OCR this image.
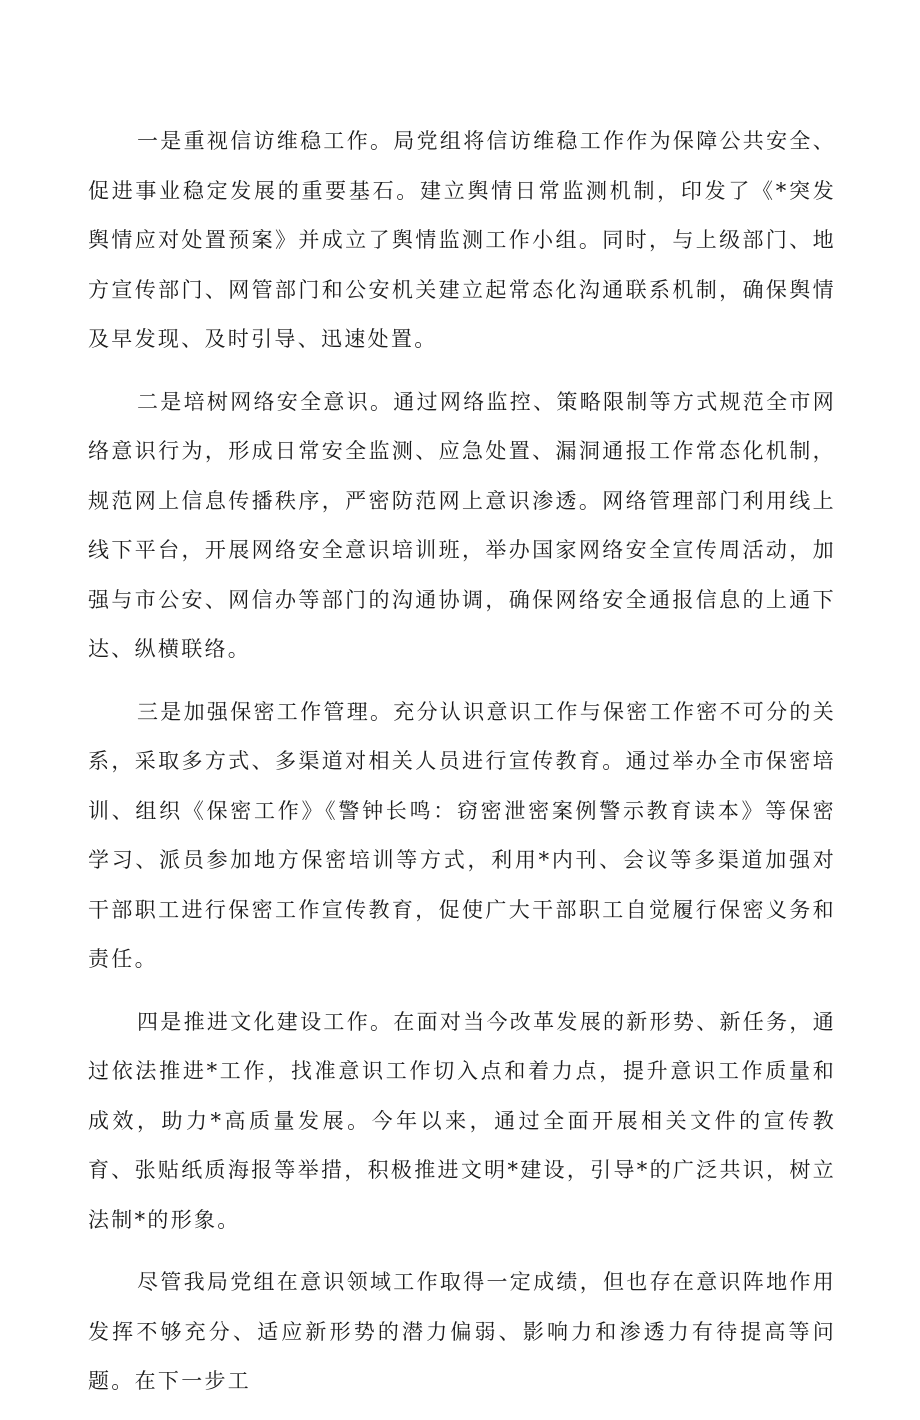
一是重视信访维稳工作。局党组将信访维稳工作作为保障公共安全、促进事业稳定发展的重要基石。建立舆情日常监测机制，印发了《*突发舆情应对处置预案》并成立了舆情监测工作小组。同时，与上级部门、地方宣传部门、网管部门和公安机关建立起常态化沟通联系机制，确保舆情及早发现、及时引导、迅速处置。

二是培树网络安全意识。通过网络监控、策略限制等方式规范全市网络意识行为，形成日常安全监测、应急处置、漏洞通报工作常态化机制，规范网上信息传播秩序，严密防范网上意识渗透。网络管理部门利用线上线下平台，开展网络安全意识培训班，举办国家网络安全宣传周活动，加强与市公安、网信办等部门的沟通协调，确保网络安全通报信息的上通下达、纵横联络。

三是加强保密工作管理。充分认识意识工作与保密工作密不可分的关系，采取多方式、多渠道对相关人员进行宣传教育。通过举办全市保密培训、组织《保密工作》《警钟长鸣：窃密泄密案例警示教育读本》等保密学习、派员参加地方保密培训等方式，利用*内刊、会议等多渠道加强对干部职工进行保密工作宣传教育，促使广大干部职工自觉履行保密义务和责任。

四是推进文化建设工作。在面对当今改革发展的新形势、新任务，通过依法推进*工作，找准意识工作切入点和着力点，提升意识工作质量和成效，助力*高质量发展。今年以来，通过全面开展相关文件的宣传教育、张贴纸质海报等举措，积极推进文明*建设，引导*的广泛共识，树立法制*的形象。

尽管我局党组在意识领域工作取得一定成绩，但也存在意识阵地作用发挥不够充分、适应新形势的潜力偏弱、影响力和渗透力有待提高等问题。在下一步工
